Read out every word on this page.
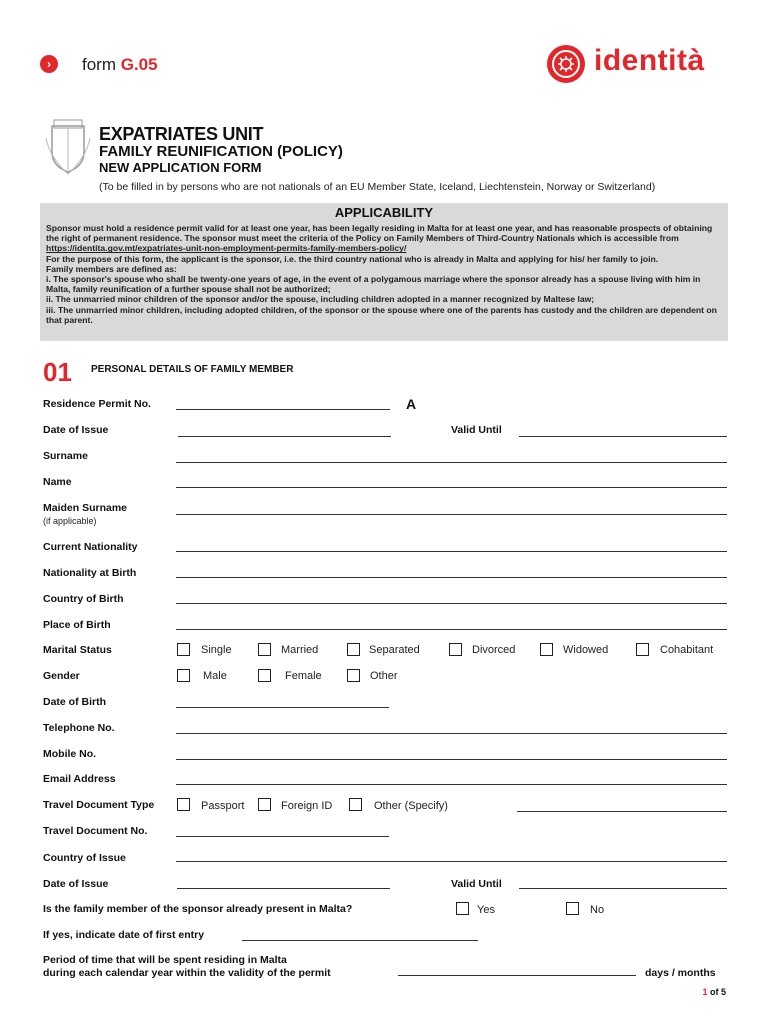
›	form G.05	identità
EXPATRIATES UNIT
FAMILY REUNIFICATION (POLICY)
NEW APPLICATION FORM
(To be filled in by persons who are not nationals of an EU Member State, Iceland, Liechtenstein, Norway or Switzerland)
APPLICABILITY

Sponsor must hold a residence permit valid for at least one year, has been legally residing in Malta for at least one year, and has reasonable prospects of obtaining the right of permanent residence. The sponsor must meet the criteria of the Policy on Family Members of Third-Country Nationals which is accessible from

https://identita.gov.mt/expatriates-unit-non-employment-permits-family-members-policy/

For the purpose of this form, the applicant is the sponsor, i.e. the third country national who is already in Malta and applying for his/ her family to join.

Family members are defined as:

i. The sponsor's spouse who shall be twenty-one years of age, in the event of a polygamous marriage where the sponsor already has a spouse living with him in Malta, family reunification of a further spouse shall not be authorized;

ii. The unmarried minor children of the sponsor and/or the spouse, including children adopted in a manner recognized by Maltese law;

iii. The unmarried minor children, including adopted children, of the sponsor or the spouse where one of the parents has custody and the children are dependent on that parent.

01 PERSONAL DETAILS OF FAMILY MEMBER
Residence Permit No.	A
Date of Issue	Valid Until
Surname
Name
Maiden Surname
(if applicable)
Current Nationality
Nationality at Birth
Country of Birth
Place of Birth
Marital Status	Single	Married	Separated	Divorced	Widowed	Cohabitant
Gender	Male	Female	Other
Date of Birth
Telephone No.
Mobile No.
Email Address
Travel Document Type	Passport	Foreign ID	Other (Specify)
Travel Document No.
Country of Issue
Date of Issue	Valid Until
Is the family member of the sponsor already present in Malta?	Yes	No
If yes, indicate date of first entry
Period of time that will be spent residing in Malta
during each calendar year within the validity of the permit	days / months
1 of 5
